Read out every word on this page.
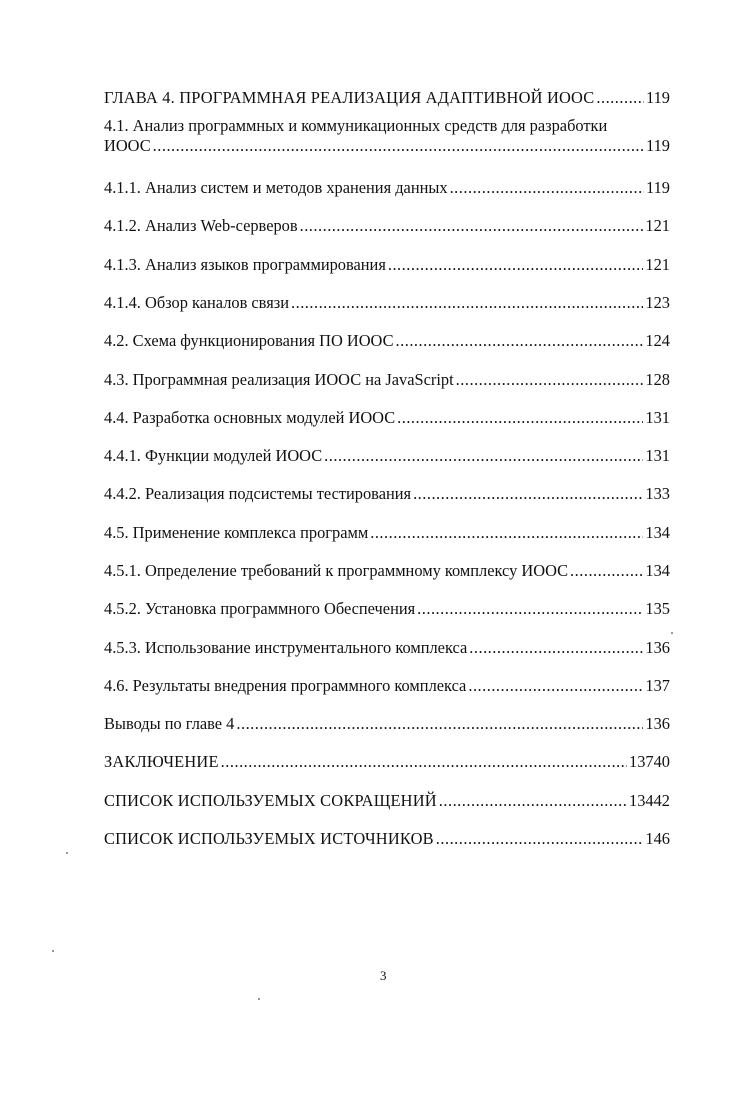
ГЛАВА 4. ПРОГРАММНАЯ РЕАЛИЗАЦИЯ АДАПТИВНОЙ ИООС .....	119
4.1. Анализ программных и коммуникационных средств для разработки
ИООС .....	119
4.1.1. Анализ систем и методов хранения данных .....	119
4.1.2. Анализ Web-серверов .....	121
4.1.3. Анализ языков программирования .....	121
4.1.4. Обзор каналов связи .....	123
4.2. Схема функционирования ПО ИООС .....	124
4.3. Программная реализация ИООС на JavaScript .....	128
4.4. Разработка основных модулей ИООС .....	131
4.4.1. Функции модулей ИООС .....	131
4.4.2. Реализация подсистемы тестирования .....	133
4.5. Применение комплекса программ .....	134
4.5.1. Определение требований к программному комплексу ИООС .....	134
4.5.2. Установка программного Обеспечения .....	135
4.5.3. Использование инструментального комплекса .....	136
4.6. Результаты внедрения программного комплекса .....	137
Выводы по главе 4 .....	136
ЗАКЛЮЧЕНИЕ .....	13740
СПИСОК ИСПОЛЬЗУЕМЫХ СОКРАЩЕНИЙ .....	13442
СПИСОК ИСПОЛЬЗУЕМЫХ ИСТОЧНИКОВ .....	146
3
